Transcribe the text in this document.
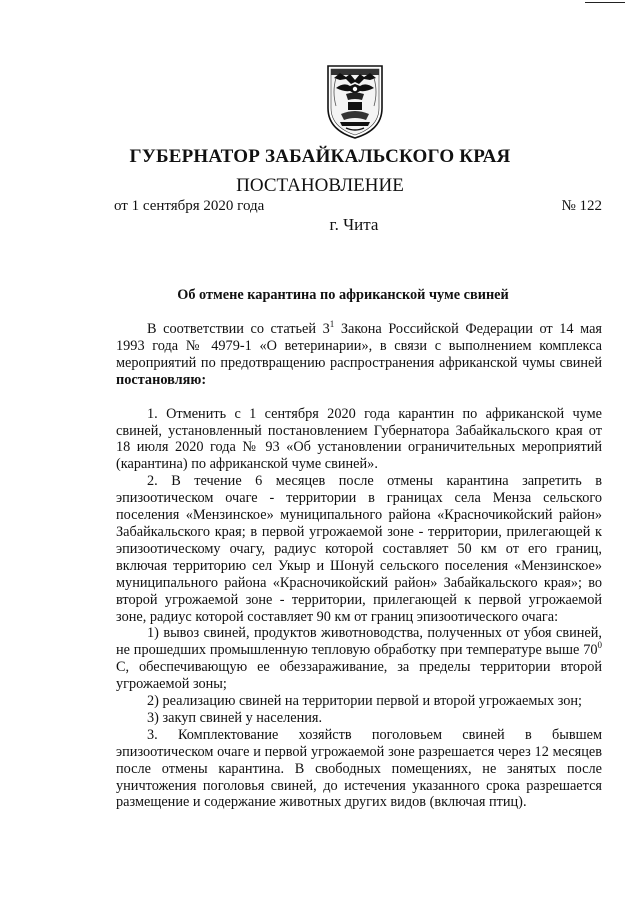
ГУБЕРНАТОР ЗАБАЙКАЛЬСКОГО КРАЯ
ПОСТАНОВЛЕНИЕ
от 1 сентября 2020 года	№ 122
г. Чита
Об отмене карантина по африканской чуме свиней

В соответствии со статьей $3^1$ Закона Российской Федерации от 14 мая 1993 года № 4979-1 «О ветеринарии», в связи с выполнением комплекса мероприятий по предотвращению распространения африканской чумы свиней постановляю:

1. Отменить с 1 сентября 2020 года карантин по африканской чуме свиней, установленный постановлением Губернатора Забайкальского края от 18 июля 2020 года № 93 «Об установлении ограничительных мероприятий (карантина) по африканской чуме свиней».

2. В течение 6 месяцев после отмены карантина запретить в эпизоотическом очаге - территории в границах села Менза сельского поселения «Мензинское» муниципального района «Красночикойский район» Забайкальского края; в первой угрожаемой зоне - территории, прилегающей к эпизоотическому очагу, радиус которой составляет 50 км от его границ, включая территорию сел Укыр и Шонуй сельского поселения «Мензинское» муниципального района «Красночикойский район» Забайкальского края»; во второй угрожаемой зоне - территории, прилегающей к первой угрожаемой зоне, радиус которой составляет 90 км от границ эпизоотического очага:

1) вывоз свиней, продуктов животноводства, полученных от убоя свиней, не прошедших промышленную тепловую обработку при температуре выше $70^0$ С, обеспечивающую ее обеззараживание, за пределы территории второй угрожаемой зоны;

2) реализацию свиней на территории первой и второй угрожаемых зон;

3) закуп свиней у населения.

3. Комплектование хозяйств поголовьем свиней в бывшем эпизоотическом очаге и первой угрожаемой зоне разрешается через 12 месяцев после отмены карантина. В свободных помещениях, не занятых после уничтожения поголовья свиней, до истечения указанного срока разрешается размещение и содержание животных других видов (включая птиц).
